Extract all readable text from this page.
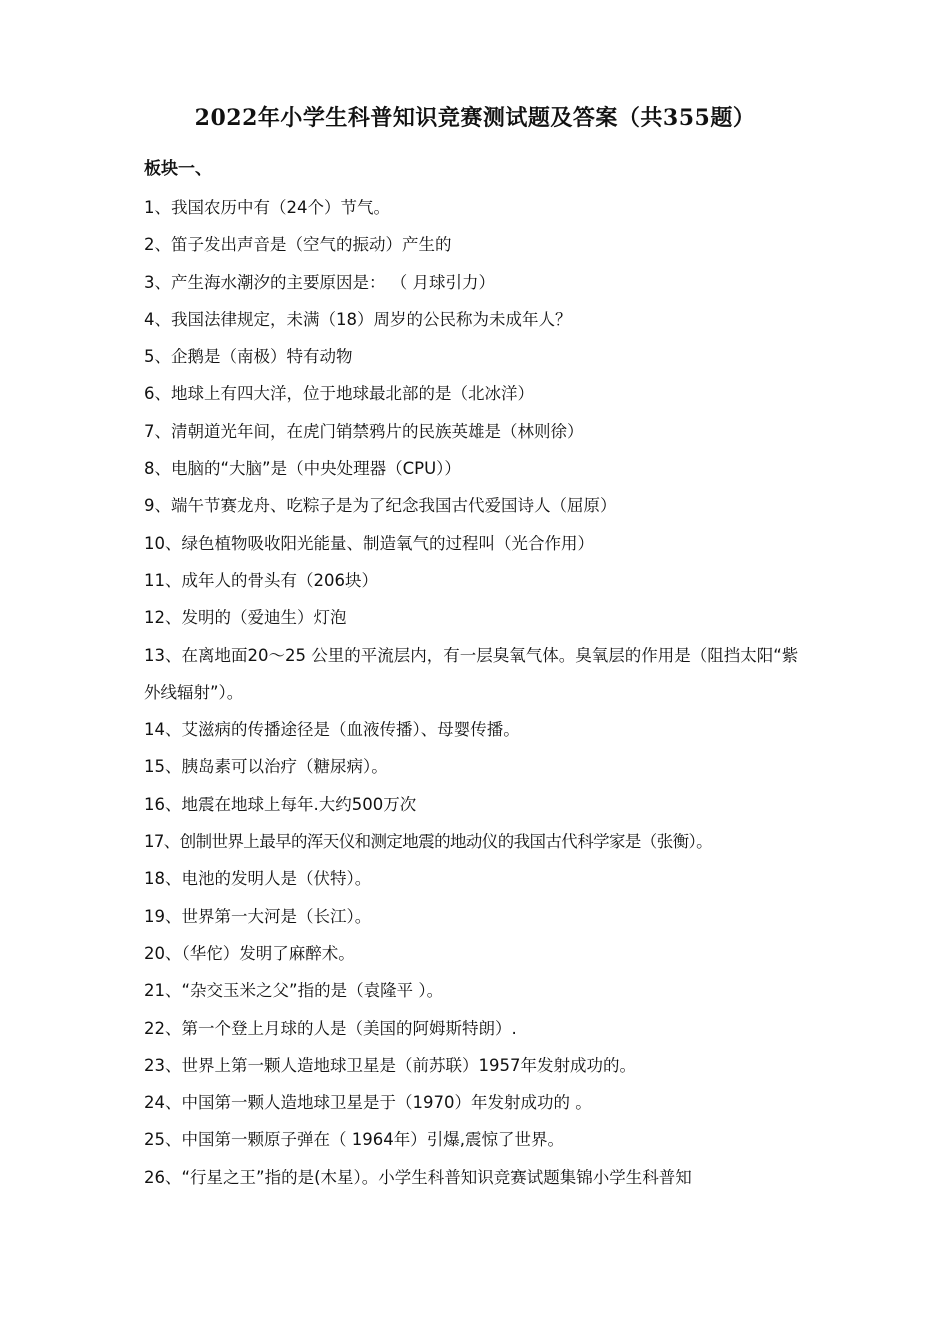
2022年小学生科普知识竞赛测试题及答案（共355题）
板块一、
1、我国农历中有（24个）节气。
2、笛子发出声音是（空气的振动）产生的
3、产生海水潮汐的主要原因是： （ 月球引力）
4、我国法律规定，未满（18）周岁的公民称为未成年人？
5、企鹅是（南极）特有动物
6、地球上有四大洋，位于地球最北部的是（北冰洋）
7、清朝道光年间，在虎门销禁鸦片的民族英雄是（林则徐）
8、电脑的“大脑”是（中央处理器（CPU））
9、端午节赛龙舟、吃粽子是为了纪念我国古代爱国诗人（屈原）
10、绿色植物吸收阳光能量、制造氧气的过程叫（光合作用）
11、成年人的骨头有（206块）
12、发明的（爱迪生）灯泡
13、在离地面20～25 公里的平流层内，有一层臭氧气体。臭氧层的作用是（阻挡太阳“紫外线辐射”）。
14、艾滋病的传播途径是（血液传播）、母婴传播。
15、胰岛素可以治疗（糖尿病）。
16、地震在地球上每年.大约500万次
17、创制世界上最早的浑天仪和测定地震的地动仪的我国古代科学家是（张衡）。
18、电池的发明人是（伏特）。
19、世界第一大河是（长江）。
20、（华佗）发明了麻醉术。
21、“杂交玉米之父”指的是（袁隆平 ）。
22、第一个登上月球的人是（美国的阿姆斯特朗）.
23、世界上第一颗人造地球卫星是（前苏联）1957年发射成功的。
24、中国第一颗人造地球卫星是于（1970）年发射成功的 。
25、中国第一颗原子弹在（ 1964年）引爆,震惊了世界。
26、“行星之王”指的是(木星）。小学生科普知识竞赛试题集锦小学生科普知
